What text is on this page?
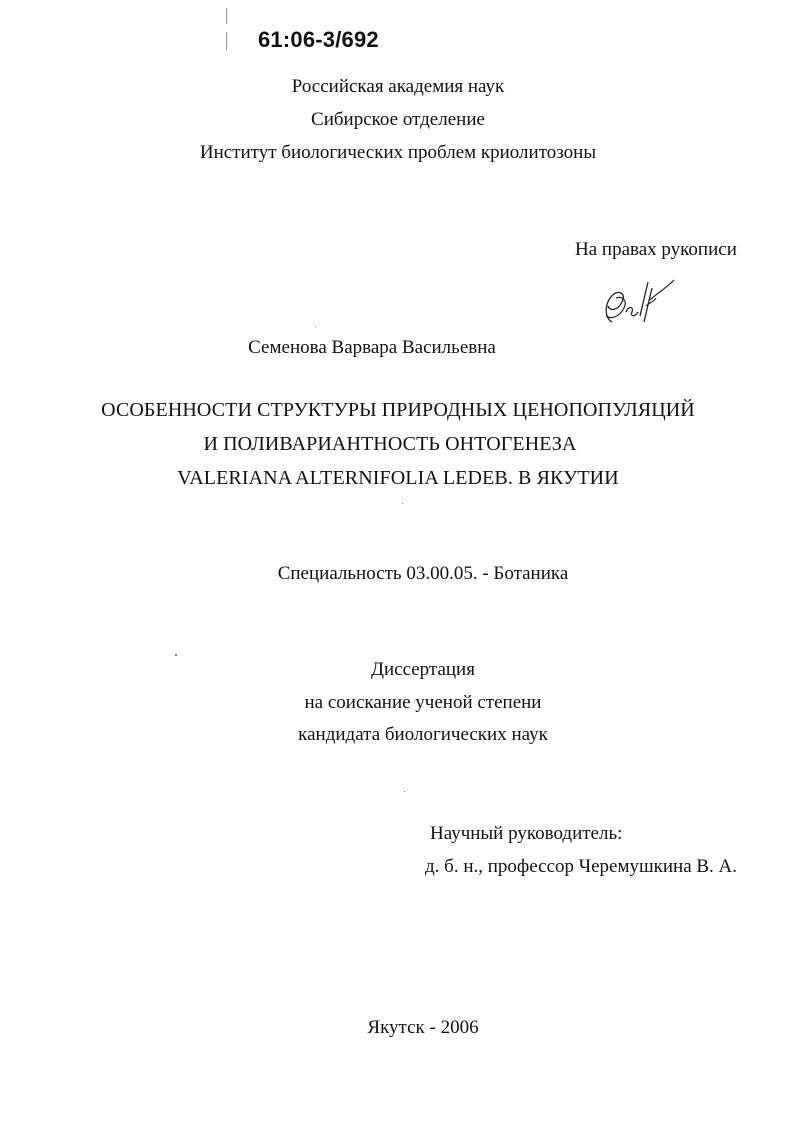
61:06-3/692
Российская академия наук
Сибирское отделение
Институт биологических проблем криолитозоны
На правах рукописи
Семенова Варвара Васильевна
ОСОБЕННОСТИ СТРУКТУРЫ ПРИРОДНЫХ ЦЕНОПОПУЛЯЦИЙ
И ПОЛИВАРИАНТНОСТЬ ОНТОГЕНЕЗА
VALERIANA ALTERNIFOLIA LEDEB. В ЯКУТИИ
Специальность 03.00.05. - Ботаника
Диссертация
на соискание ученой степени
кандидата биологических наук
Научный руководитель:
д. б. н., профессор Черемушкина В. А.
Якутск - 2006
